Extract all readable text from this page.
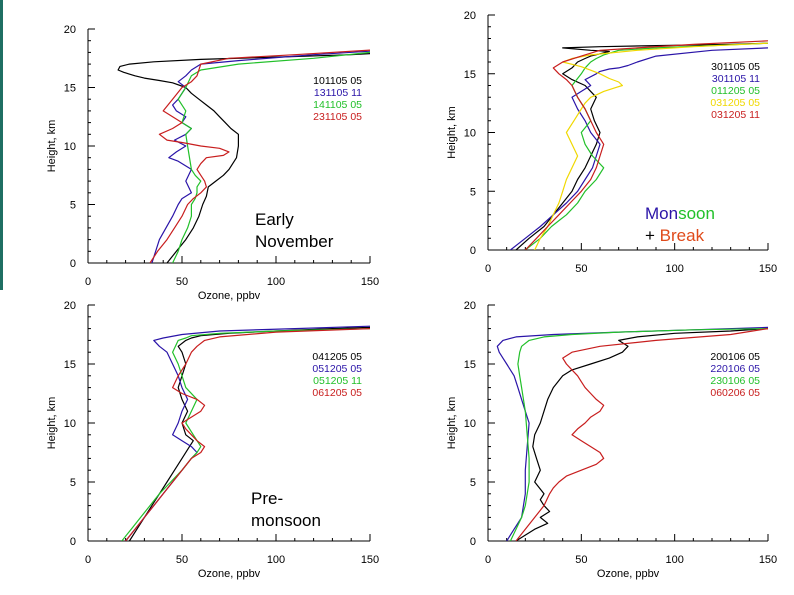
0
5
10
15
20
0	50	100	150
Height, km
Ozone, ppbv
101105 05
131105 11
141105 05
231105 05
0
5
10
15
20
0	50	100	150
Height, km
301105 05
301105 11
011205 05
031205 05
031205 11
0
5
10
15
20
0	50	100	150
Height, km
Ozone, ppbv
041205 05
051205 05
051205 11
061205 05
0
5
10
15
20
0	50	100	150
Height, km
Ozone, ppbv
200106 05
220106 05
230106 05
060206 05
Early
November
Monsoon
+ Break
Pre-
monsoon
